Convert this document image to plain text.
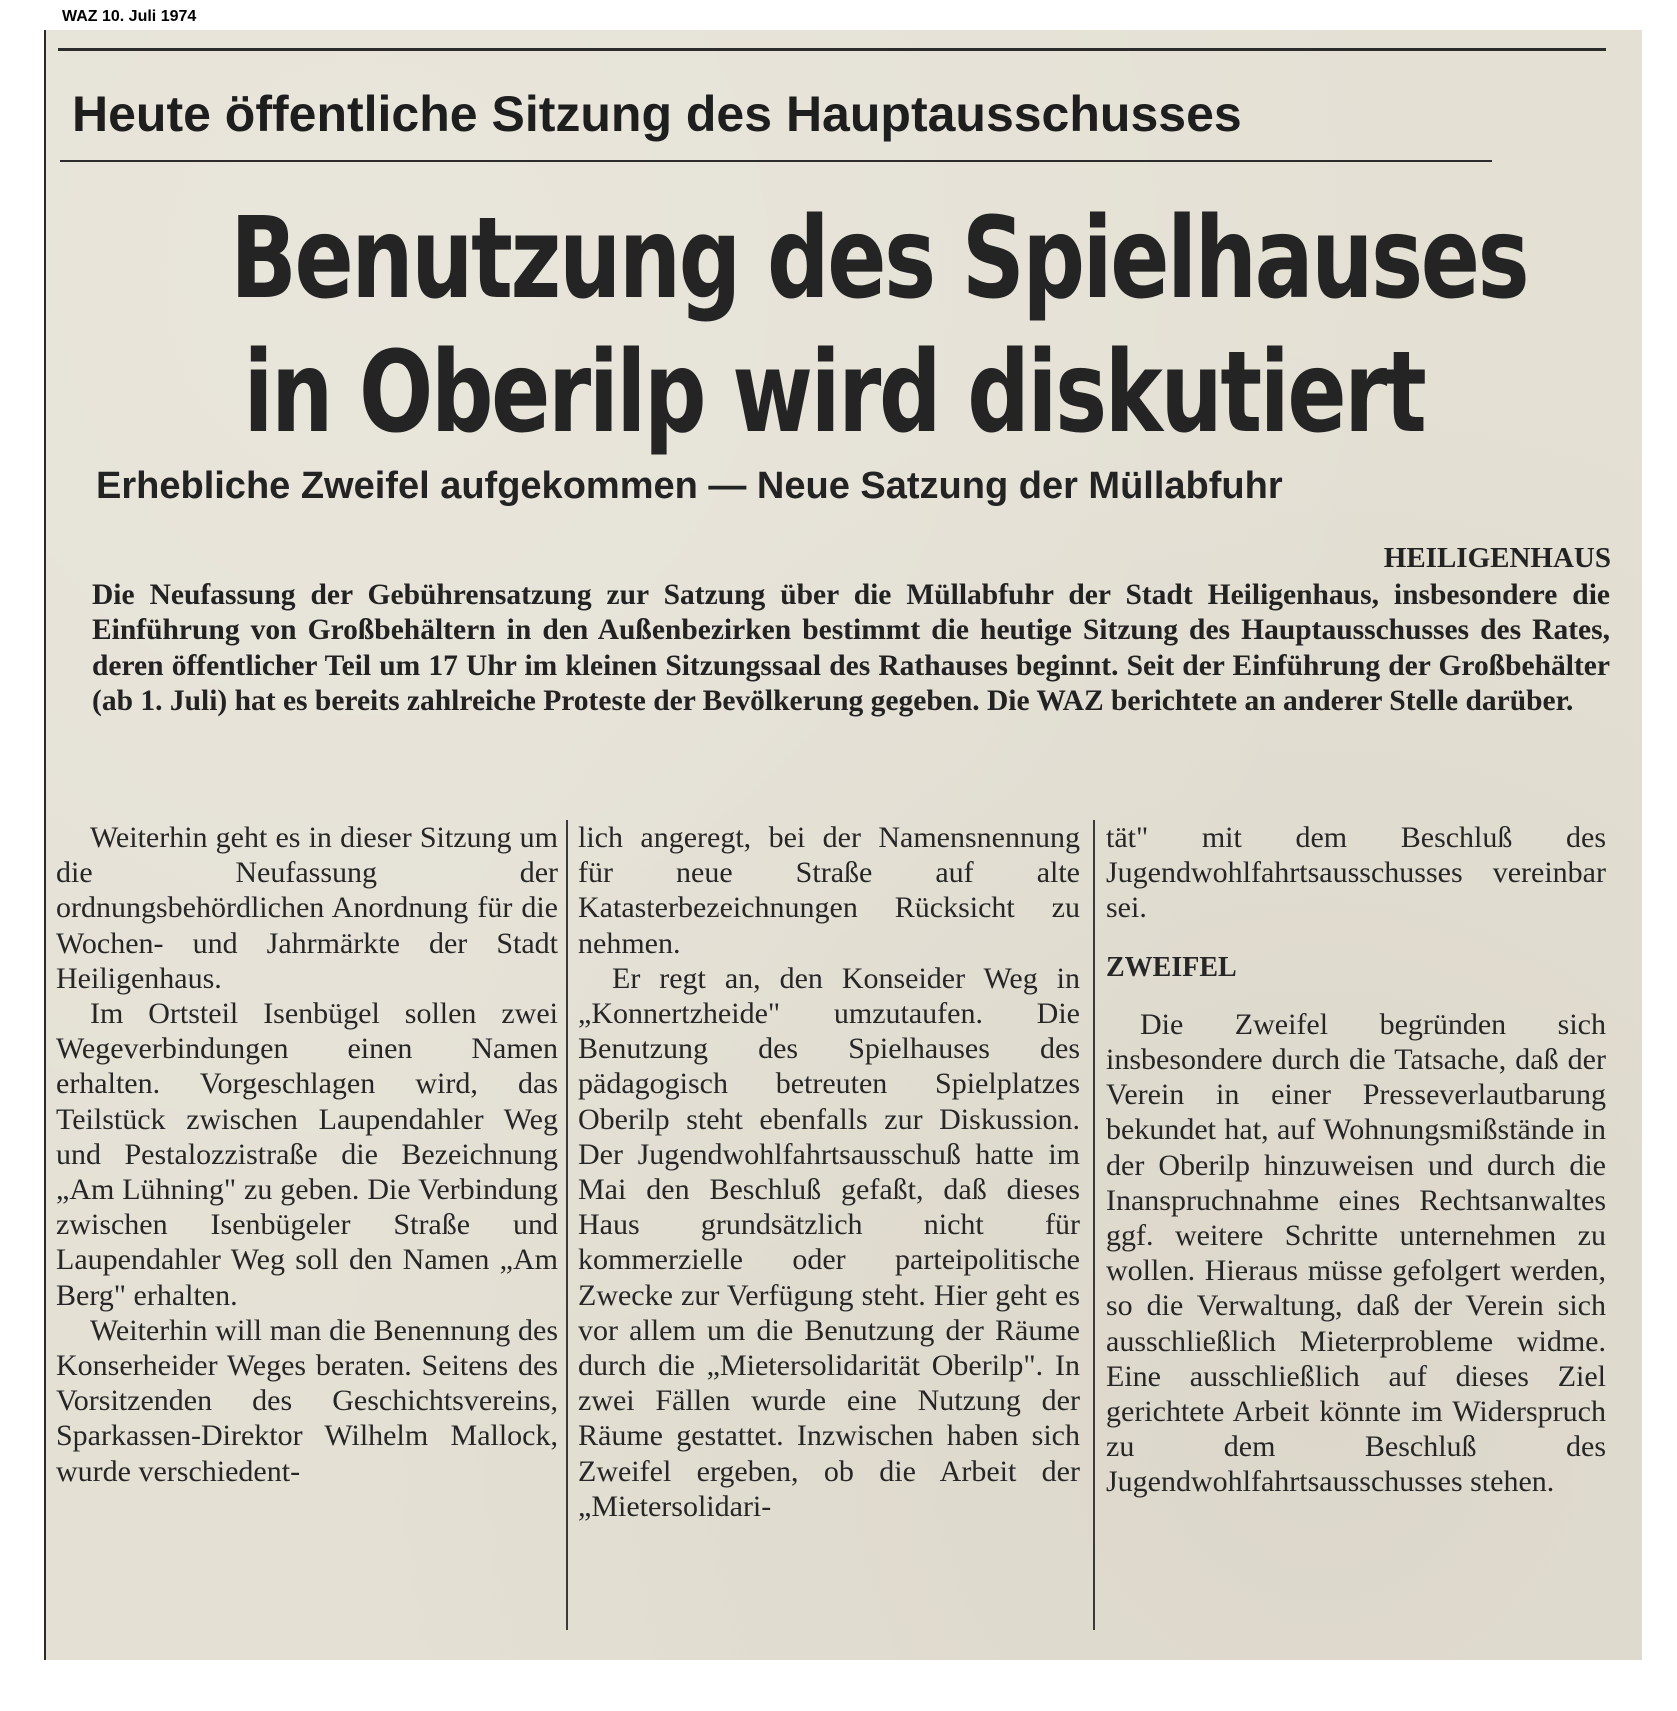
WAZ 10. Juli 1974
Heute öffentliche Sitzung des Hauptausschusses
Benutzung des Spielhauses
in Oberilp wird diskutiert
Erhebliche Zweifel aufgekommen — Neue Satzung der Müllabfuhr
HEILIGENHAUS
Die Neufassung der Gebührensatzung zur Satzung über die Müllabfuhr der Stadt Heiligenhaus, insbesondere die Einführung von Großbehältern in den Außenbezirken bestimmt die heutige Sitzung des Hauptausschusses des Rates, deren öffentlicher Teil um 17 Uhr im kleinen Sitzungssaal des Rathauses beginnt. Seit der Einführung der Großbehälter (ab 1. Juli) hat es bereits zahlreiche Proteste der Bevölkerung gegeben. Die WAZ berichtete an anderer Stelle darüber.

Weiterhin geht es in dieser Sitzung um die Neufassung der ordnungsbehördlichen Anordnung für die Wochen- und Jahrmärkte der Stadt Heiligenhaus.

Im Ortsteil Isenbügel sollen zwei Wegeverbindungen einen Namen erhalten. Vorgeschlagen wird, das Teilstück zwischen Laupendahler Weg und Pestalozzistraße die Bezeichnung „Am Lühning" zu geben. Die Verbindung zwischen Isenbügeler Straße und Laupendahler Weg soll den Namen „Am Berg" erhalten.

Weiterhin will man die Benennung des Konserheider Weges beraten. Seitens des Vorsitzenden des Geschichtsvereins, Sparkassen-Direktor Wilhelm Mallock, wurde verschiedent-

lich angeregt, bei der Namensnennung für neue Straße auf alte Katasterbezeichnungen Rücksicht zu nehmen.

Er regt an, den Konseider Weg in „Konnertzheide" umzutaufen. Die Benutzung des Spielhauses des pädagogisch betreuten Spielplatzes Oberilp steht ebenfalls zur Diskussion. Der Jugendwohlfahrtsausschuß hatte im Mai den Beschluß gefaßt, daß dieses Haus grundsätzlich nicht für kommerzielle oder parteipolitische Zwecke zur Verfügung steht. Hier geht es vor allem um die Benutzung der Räume durch die „Mietersolidarität Oberilp". In zwei Fällen wurde eine Nutzung der Räume gestattet. Inzwischen haben sich Zweifel ergeben, ob die Arbeit der „Mietersolidari-

tät" mit dem Beschluß des Jugendwohlfahrtsausschusses vereinbar sei.

ZWEIFEL

Die Zweifel begründen sich insbesondere durch die Tatsache, daß der Verein in einer Presseverlautbarung bekundet hat, auf Wohnungsmißstände in der Oberilp hinzuweisen und durch die Inanspruchnahme eines Rechtsanwaltes ggf. weitere Schritte unternehmen zu wollen. Hieraus müsse gefolgert werden, so die Verwaltung, daß der Verein sich ausschließlich Mieterprobleme widme. Eine ausschließlich auf dieses Ziel gerichtete Arbeit könnte im Widerspruch zu dem Beschluß des Jugendwohlfahrtsausschusses stehen.
